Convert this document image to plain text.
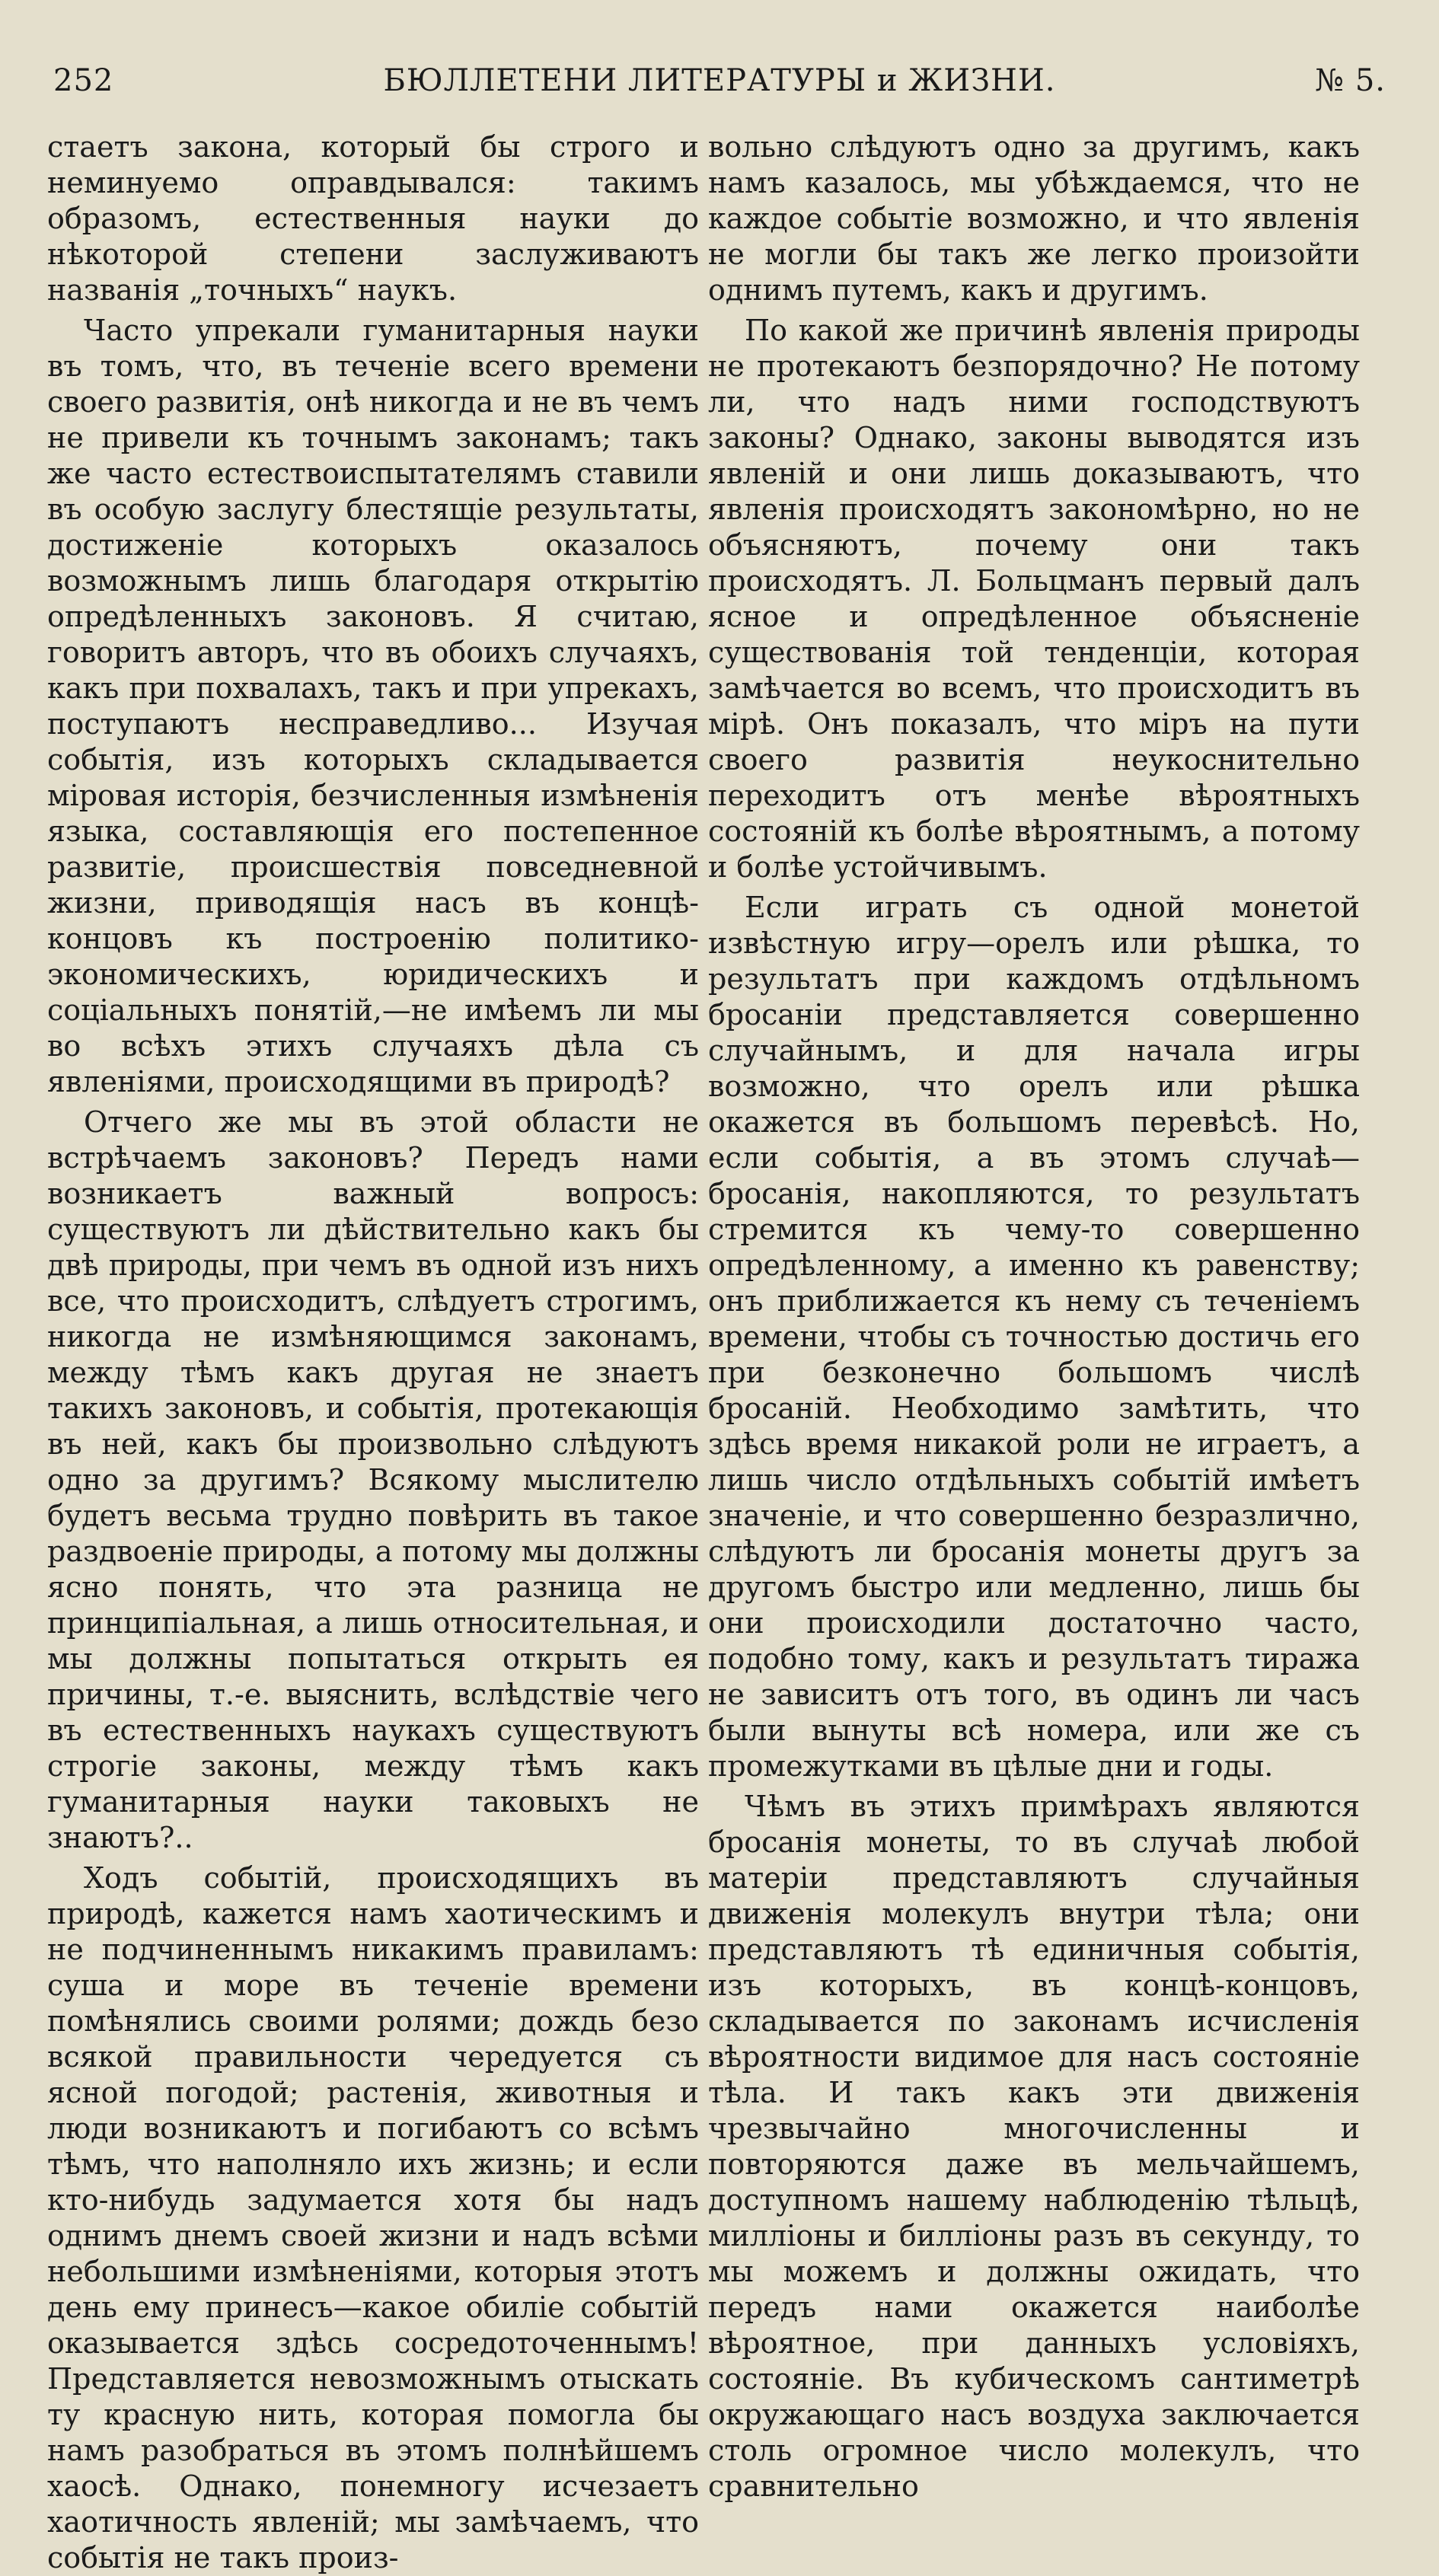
252	БЮЛЛЕТЕНИ ЛИТЕРАТУРЫ и ЖИЗНИ.	№ 5.

стаетъ закона, который бы строго и неминуемо оправдывался: такимъ образомъ, естественныя науки до нѣкоторой степени заслуживаютъ названія „точныхъ“ наукъ.

Часто упрекали гуманитарныя науки въ томъ, что, въ теченіе всего времени своего развитія, онѣ никогда и не въ чемъ не привели къ точнымъ законамъ; такъ же часто естествоиспытателямъ ставили въ особую заслугу блестящіе результаты, достиженіе которыхъ оказалось возможнымъ лишь благодаря открытію опредѣленныхъ законовъ. Я считаю, говоритъ авторъ, что въ обоихъ случаяхъ, какъ при похвалахъ, такъ и при упрекахъ, поступаютъ несправедливо... Изучая событія, изъ которыхъ складывается міровая исторія, безчисленныя измѣненія языка, составляющія его постепенное развитіе, происшествія повседневной жизни, приводящія насъ въ концѣ-концовъ къ построенію политико-экономическихъ, юридическихъ и соціальныхъ понятій,—не имѣемъ ли мы во всѣхъ этихъ случаяхъ дѣла съ явленіями, происходящими въ природѣ?

Отчего же мы въ этой области не встрѣчаемъ законовъ? Передъ нами возникаетъ важный вопросъ: существуютъ ли дѣйствительно какъ бы двѣ природы, при чемъ въ одной изъ нихъ все, что происходитъ, слѣдуетъ строгимъ, никогда не измѣняющимся законамъ, между тѣмъ какъ другая не знаетъ такихъ законовъ, и событія, протекающія въ ней, какъ бы произвольно слѣдуютъ одно за другимъ? Всякому мыслителю будетъ весьма трудно повѣрить въ такое раздвоеніе природы, а потому мы должны ясно понять, что эта разница не принципіальная, а лишь относительная, и мы должны попытаться открыть ея причины, т.-е. выяснить, вслѣдствіе чего въ естественныхъ наукахъ существуютъ строгіе законы, между тѣмъ какъ гуманитарныя науки таковыхъ не знаютъ?..

Ходъ событій, происходящихъ въ природѣ, кажется намъ хаотическимъ и не подчиненнымъ никакимъ правиламъ: суша и море въ теченіе времени помѣнялись своими ролями; дождь безо всякой правильности чередуется съ ясной погодой; растенія, животныя и люди возникаютъ и погибаютъ со всѣмъ тѣмъ, что наполняло ихъ жизнь; и если кто-нибудь задумается хотя бы надъ однимъ днемъ своей жизни и надъ всѣми небольшими измѣненіями, которыя этотъ день ему принесъ—какое обиліе событій оказывается здѣсь сосредоточеннымъ! Представляется невозможнымъ отыскать ту красную нить, которая помогла бы намъ разобраться въ этомъ полнѣйшемъ хаосѣ. Однако, понемногу исчезаетъ хаотичность явленій; мы замѣчаемъ, что событія не такъ произ-

вольно слѣдуютъ одно за другимъ, какъ намъ казалось, мы убѣждаемся, что не каждое событіе возможно, и что явленія не могли бы такъ же легко произойти однимъ путемъ, какъ и другимъ.

По какой же причинѣ явленія природы не протекаютъ безпорядочно? Не потому ли, что надъ ними господствуютъ законы? Однако, законы выводятся изъ явленій и они лишь доказываютъ, что явленія происходятъ закономѣрно, но не объясняютъ, почему они такъ происходятъ. Л. Больцманъ первый далъ ясное и опредѣленное объясненіе существованія той тенденціи, которая замѣчается во всемъ, что происходитъ въ мірѣ. Онъ показалъ, что міръ на пути своего развитія неукоснительно переходитъ отъ менѣе вѣроятныхъ состояній къ болѣе вѣроятнымъ, а потому и болѣе устойчивымъ.

Если играть съ одной монетой извѣстную игру—орелъ или рѣшка, то результатъ при каждомъ отдѣльномъ бросаніи представляется совершенно случайнымъ, и для начала игры возможно, что орелъ или рѣшка окажется въ большомъ перевѣсѣ. Но, если событія, а въ этомъ случаѣ—бросанія, накопляются, то результатъ стремится къ чему-то совершенно опредѣленному, а именно къ равенству; онъ приближается къ нему съ теченіемъ времени, чтобы съ точностью достичь его при безконечно большомъ числѣ бросаній. Необходимо замѣтить, что здѣсь время никакой роли не играетъ, а лишь число отдѣльныхъ событій имѣетъ значеніе, и что совершенно безразлично, слѣдуютъ ли бросанія монеты другъ за другомъ быстро или медленно, лишь бы они происходили достаточно часто, подобно тому, какъ и результатъ тиража не зависитъ отъ того, въ одинъ ли часъ были вынуты всѣ номера, или же съ промежутками въ цѣлые дни и годы.

Чѣмъ въ этихъ примѣрахъ являются бросанія монеты, то въ случаѣ любой матеріи представляютъ случайныя движенія молекулъ внутри тѣла; они представляютъ тѣ единичныя событія, изъ которыхъ, въ концѣ-концовъ, складывается по законамъ исчисленія вѣроятности видимое для насъ состояніе тѣла. И такъ какъ эти движенія чрезвычайно многочисленны и повторяются даже въ мельчайшемъ, доступномъ нашему наблюденію тѣльцѣ, милліоны и билліоны разъ въ секунду, то мы можемъ и должны ожидать, что передъ нами окажется наиболѣе вѣроятное, при данныхъ условіяхъ, состояніе. Въ кубическомъ сантиметрѣ окружающаго насъ воздуха заключается столь огромное число молекулъ, что сравнительно
